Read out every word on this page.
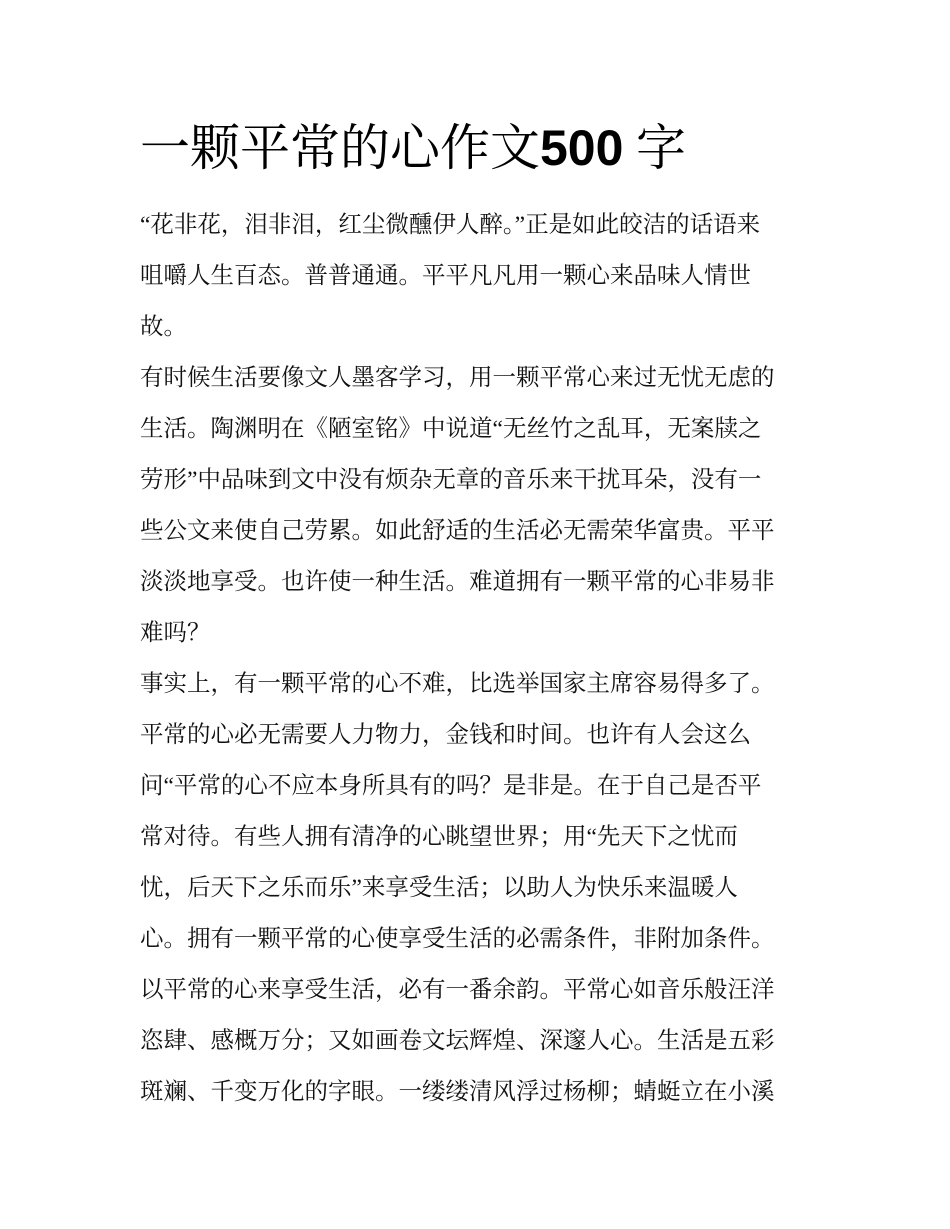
一颗平常的心作文500 字
“花非花，泪非泪，红尘微醺伊人醉。”正是如此皎洁的话语来
咀嚼人生百态。普普通通。平平凡凡用一颗心来品味人情世
故。
有时候生活要像文人墨客学习，用一颗平常心来过无忧无虑的
生活。陶渊明在《陋室铭》中说道“无丝竹之乱耳，无案牍之
劳形”中品味到文中没有烦杂无章的音乐来干扰耳朵，没有一
些公文来使自己劳累。如此舒适的生活必无需荣华富贵。平平
淡淡地享受。也许使一种生活。难道拥有一颗平常的心非易非
难吗？
事实上，有一颗平常的心不难，比选举国家主席容易得多了。
平常的心必无需要人力物力，金钱和时间。也许有人会这么
问“平常的心不应本身所具有的吗？是非是。在于自己是否平
常对待。有些人拥有清净的心眺望世界；用“先天下之忧而
忧，后天下之乐而乐”来享受生活；以助人为快乐来温暖人
心。拥有一颗平常的心使享受生活的必需条件，非附加条件。
以平常的心来享受生活，必有一番余韵。平常心如音乐般汪洋
恣肆、感概万分；又如画卷文坛辉煌、深邃人心。生活是五彩
斑斓、千变万化的字眼。一缕缕清风浮过杨柳；蜻蜓立在小溪
